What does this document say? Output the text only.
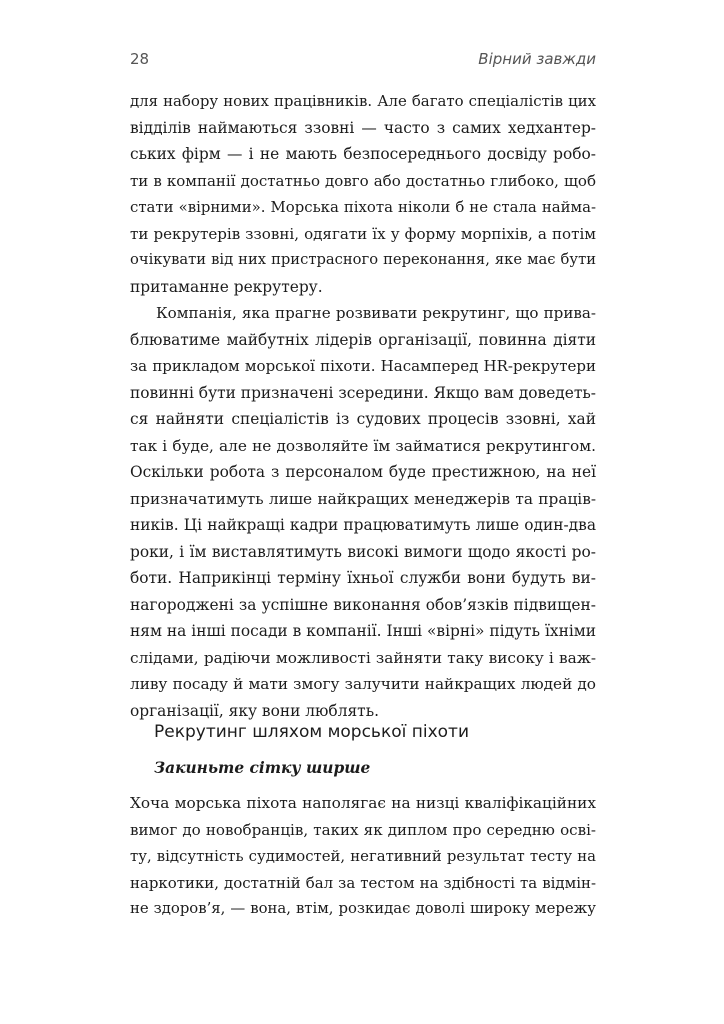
28	Вірний завжди
для набору нових працівників. Але багато спеціалістів цих
відділів наймаються ззовні — часто з самих хедхантер-
ських фірм — і не мають безпосереднього досвіду робо-
ти в компанії достатньо довго або достатньо глибоко, щоб
стати «вірними». Морська піхота ніколи б не стала найма-
ти рекрутерів ззовні, одягати їх у форму морпіхів, а потім
очікувати від них пристрасного переконання, яке має бути
притаманне рекрутеру.
Компанія, яка прагне розвивати рекрутинг, що прива-
блюватиме майбутніх лідерів організації, повинна діяти
за прикладом морської піхоти. Насамперед HR-рекрутери
повинні бути призначені зсередини. Якщо вам доведеть-
ся найняти спеціалістів із судових процесів ззовні, хай
так і буде, але не дозволяйте їм займатися рекрутингом.
Оскільки робота з персоналом буде престижною, на неї
призначатимуть лише найкращих менеджерів та праців-
ників. Ці найкращі кадри працюватимуть лише один-два
роки, і їм виставлятимуть високі вимоги щодо якості ро-
боти. Наприкінці терміну їхньої служби вони будуть ви-
нагороджені за успішне виконання обов’язків підвищен-
ням на інші посади в компанії. Інші «вірні» підуть їхніми
слідами, радіючи можливості зайняти таку високу і важ-
ливу посаду й мати змогу залучити найкращих людей до
організації, яку вони люблять.
Рекрутинг шляхом морської піхоти
Закиньте сітку ширше
Хоча морська піхота наполягає на низці кваліфікаційних
вимог до новобранців, таких як диплом про середню осві-
ту, відсутність судимостей, негативний результат тесту на
наркотики, достатній бал за тестом на здібності та відмін-
не здоров’я, — вона, втім, розкидає доволі широку мережу
